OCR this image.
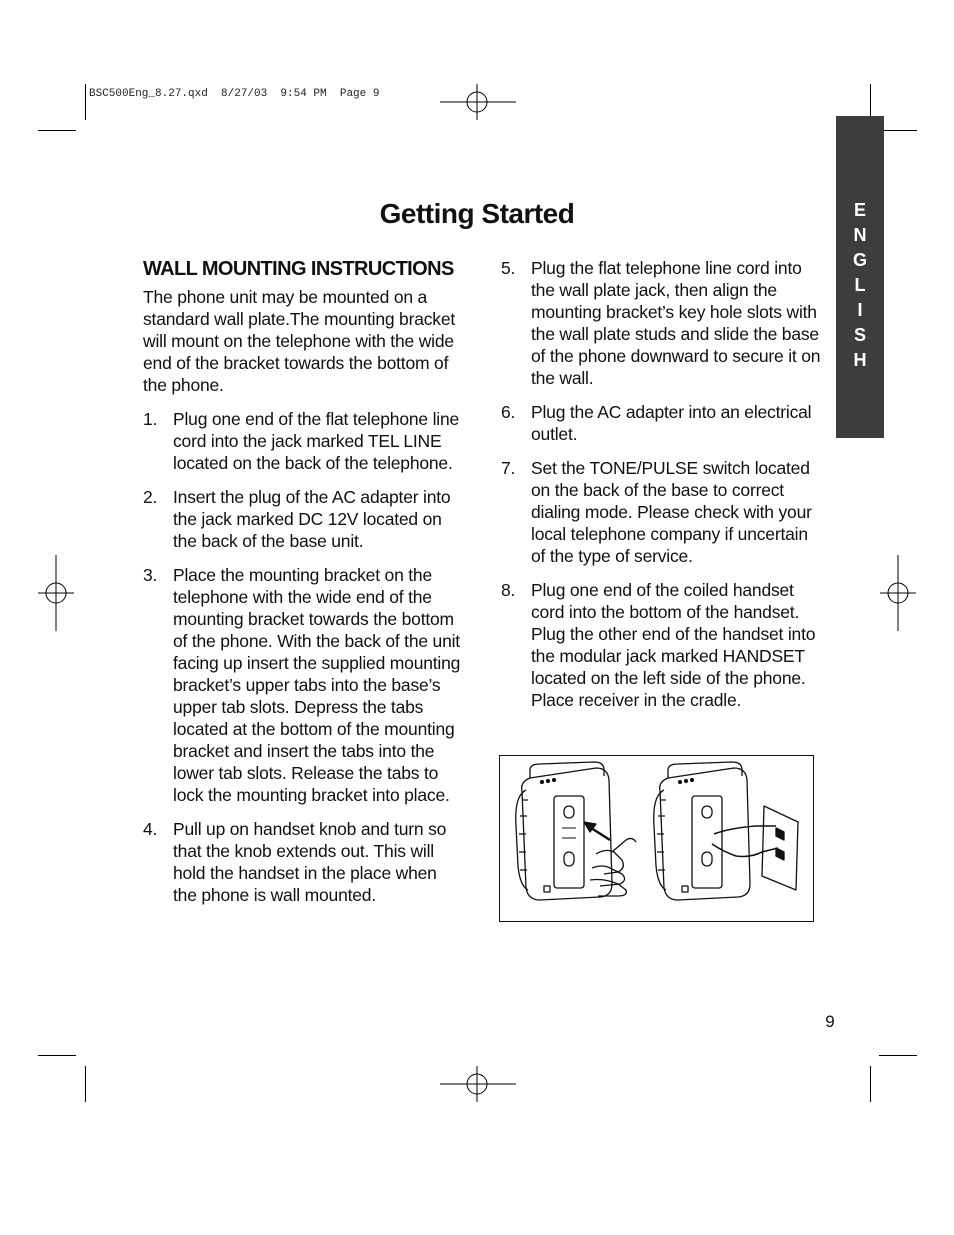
BSC500Eng_8.27.qxd  8/27/03  9:54 PM  Page 9
E
N
G
L
I
S
H
Getting Started
WALL MOUNTING INSTRUCTIONS

The phone unit may be mounted on a standard wall plate.The mounting bracket will mount on the telephone with the wide end of the bracket towards the bottom of the phone.

1. Plug one end of the flat telephone line cord into the jack marked TEL LINE located on the back of the telephone.
2. Insert the plug of the AC adapter into the jack marked DC 12V located on the back of the base unit.
3. Place the mounting bracket on the telephone with the wide end of the mounting bracket towards the bottom of the phone. With the back of the unit facing up insert the supplied mounting bracket’s upper tabs into the base’s upper tab slots. Depress the tabs located at the bottom of the mounting bracket and insert the tabs into the lower tab slots. Release the tabs to lock the mounting bracket into place.
4. Pull up on handset knob and turn so that the knob extends out. This will hold the handset in the place when the phone is wall mounted.
5. Plug the flat telephone line cord into the wall plate jack, then align the mounting bracket’s key hole slots with the wall plate studs and slide the base of the phone downward to secure it on the wall.
6. Plug the AC adapter into an electrical outlet.
7. Set the TONE/PULSE switch located on the back of the base to correct dialing mode. Please check with your local telephone company if uncertain of the type of service.
8. Plug one end of the coiled handset cord into the bottom of the handset. Plug the other end of the handset into the modular jack marked HANDSET located on the left side of the phone. Place receiver in the cradle.
9
